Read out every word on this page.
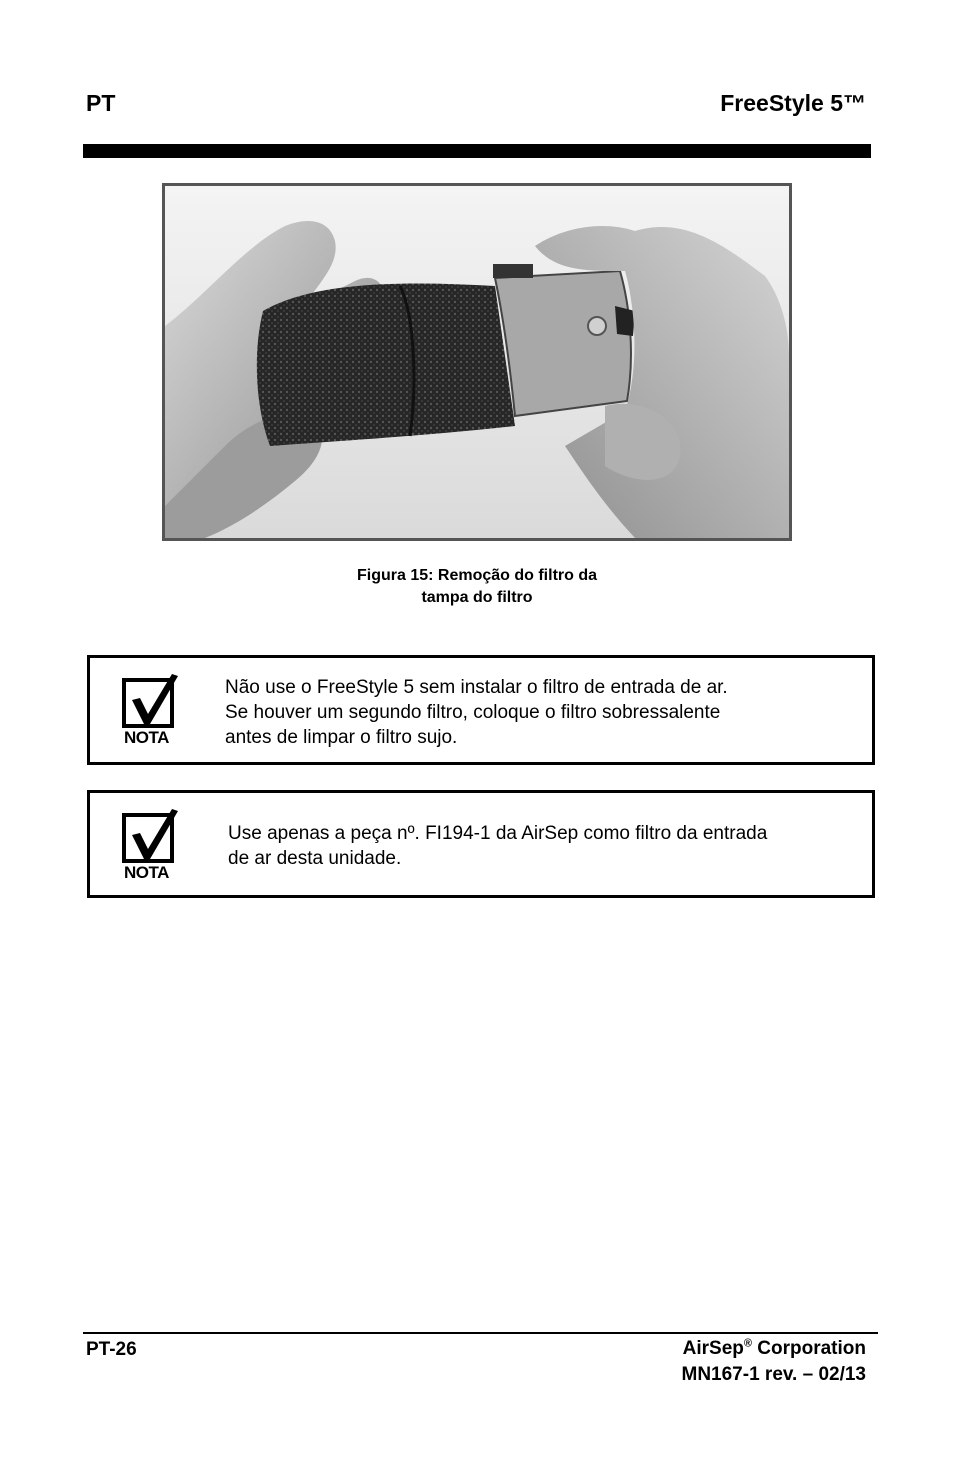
PT	FreeStyle 5™
Figura 15: Remoção do filtro da
tampa do filtro
NOTA
Não use o FreeStyle 5 sem instalar o filtro de entrada de ar.
Se houver um segundo filtro, coloque o filtro sobressalente
antes de limpar o filtro sujo.
NOTA
Use apenas a peça nº. FI194-1 da AirSep como filtro da entrada
de ar desta unidade.
PT-26	AirSep® Corporation
MN167-1 rev. – 02/13
